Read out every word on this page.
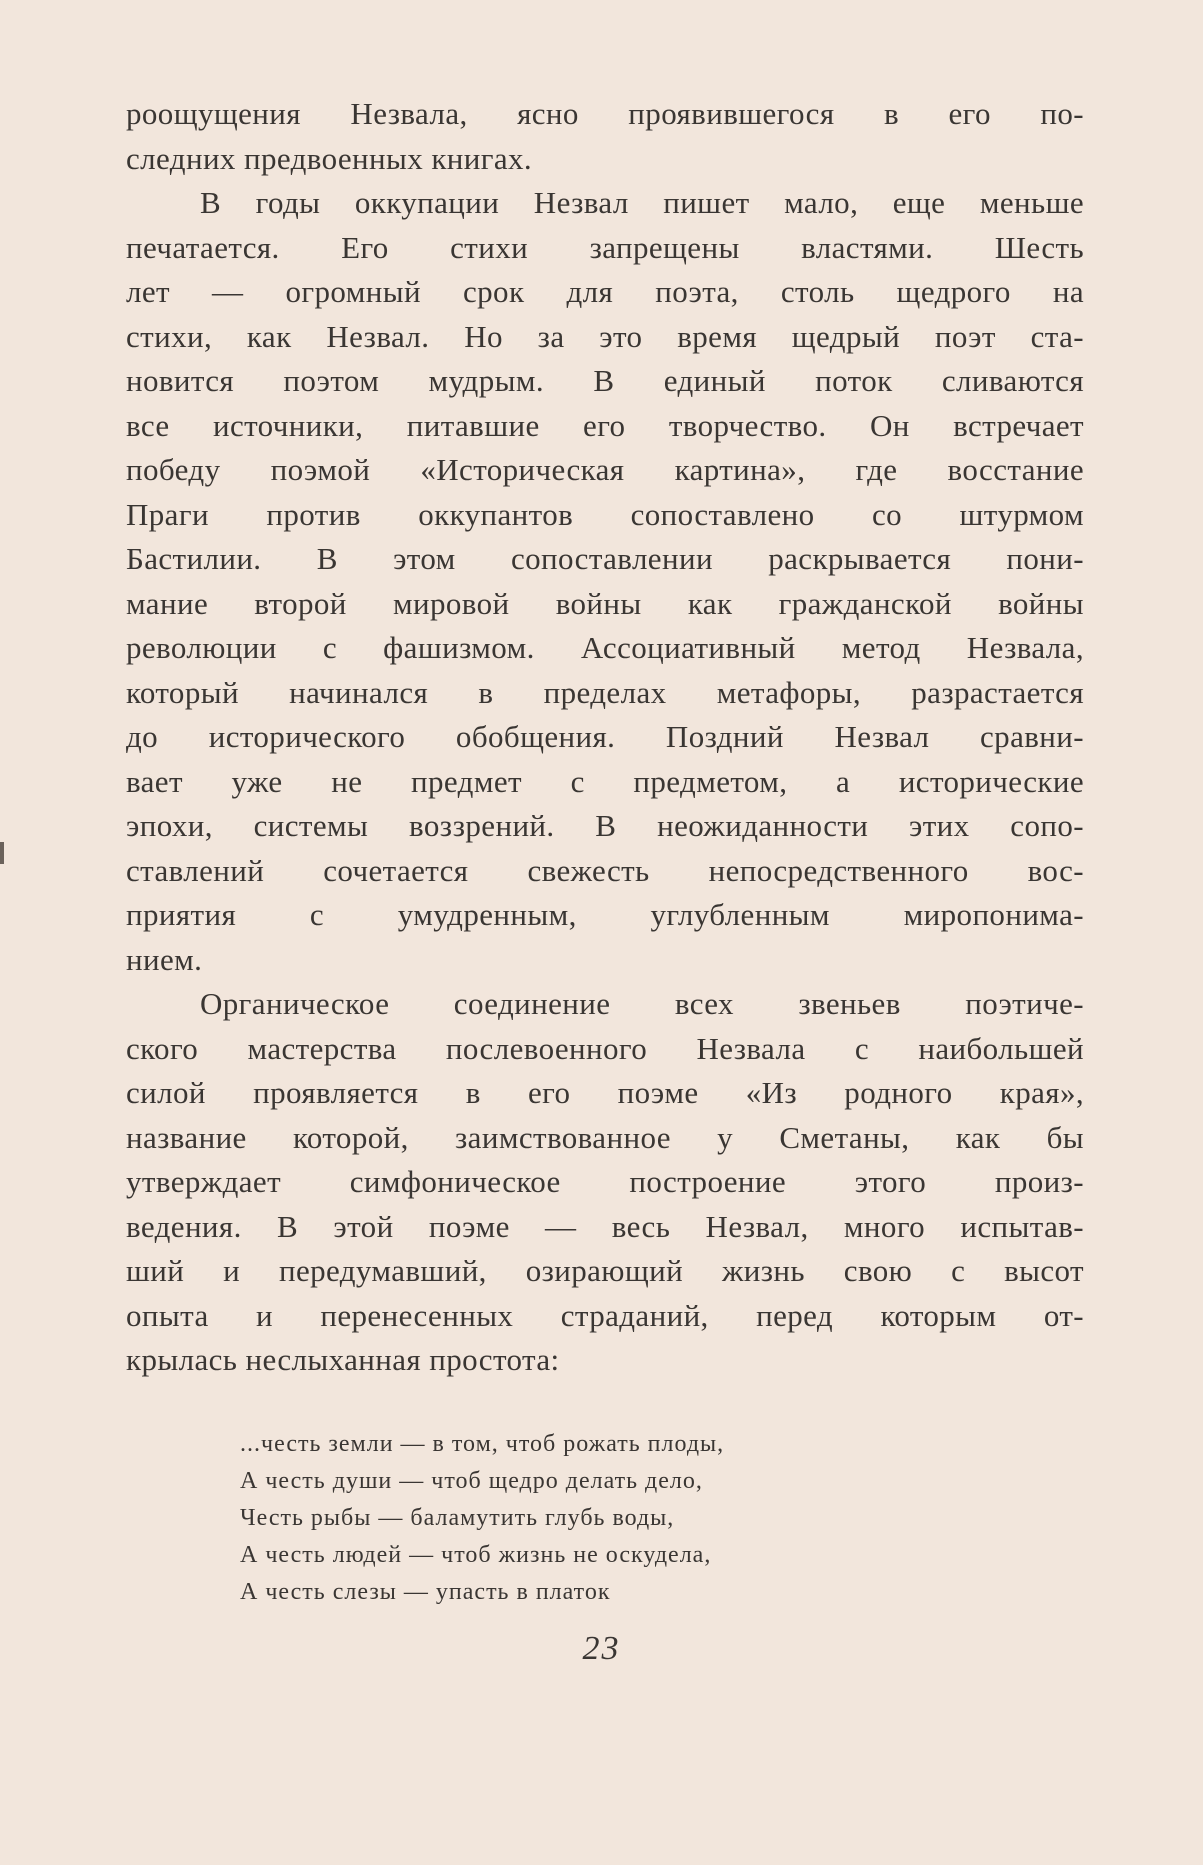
роощущения Незвала, ясно проявившегося в его по-
следних предвоенных книгах.
В годы оккупации Незвал пишет мало, еще меньше
печатается. Его стихи запрещены властями. Шесть
лет — огромный срок для поэта, столь щедрого на
стихи, как Незвал. Но за это время щедрый поэт ста-
новится поэтом мудрым. В единый поток сливаются
все источники, питавшие его творчество. Он встречает
победу поэмой «Историческая картина», где восстание
Праги против оккупантов сопоставлено со штурмом
Бастилии. В этом сопоставлении раскрывается пони-
мание второй мировой войны как гражданской войны
революции с фашизмом. Ассоциативный метод Незвала,
который начинался в пределах метафоры, разрастается
до исторического обобщения. Поздний Незвал сравни-
вает уже не предмет с предметом, а исторические
эпохи, системы воззрений. В неожиданности этих сопо-
ставлений сочетается свежесть непосредственного вос-
приятия с умудренным, углубленным миропонима-
нием.
Органическое соединение всех звеньев поэтиче-
ского мастерства послевоенного Незвала с наибольшей
силой проявляется в его поэме «Из родного края»,
название которой, заимствованное у Сметаны, как бы
утверждает симфоническое построение этого произ-
ведения. В этой поэме — весь Незвал, много испытав-
ший и передумавший, озирающий жизнь свою с высот
опыта и перенесенных страданий, перед которым от-
крылась неслыханная простота:
...честь земли — в том, чтоб рожать плоды,
А честь души — чтоб щедро делать дело,
Честь рыбы — баламутить глубь воды,
А честь людей — чтоб жизнь не оскудела,
А честь слезы — упасть в платок
23
